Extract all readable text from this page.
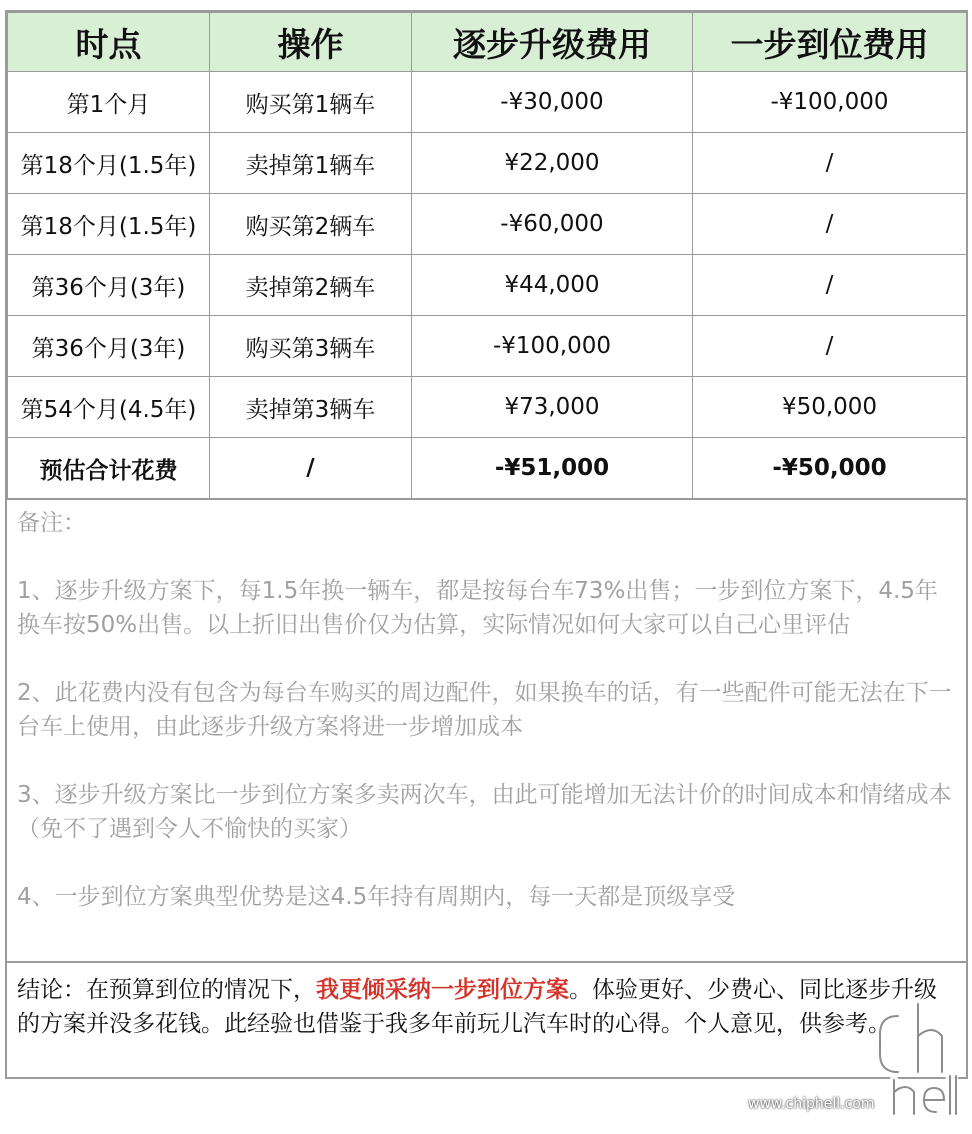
时点	操作	逐步升级费用	一步到位费用
第1个月	购买第1辆车	-¥30,000	-¥100,000
第18个月(1.5年)	卖掉第1辆车	¥22,000	/
第18个月(1.5年)	购买第2辆车	-¥60,000	/
第36个月(3年)	卖掉第2辆车	¥44,000	/
第36个月(3年)	购买第3辆车	-¥100,000	/
第54个月(4.5年)	卖掉第3辆车	¥73,000	¥50,000
预估合计花费	/	-¥51,000	-¥50,000

备注：

1、逐步升级方案下，每1.5年换一辆车，都是按每台车73%出售；一步到位方案下，4.5年换车按50%出售。以上折旧出售价仅为估算，实际情况如何大家可以自己心里评估

2、此花费内没有包含为每台车购买的周边配件，如果换车的话，有一些配件可能无法在下一台车上使用，由此逐步升级方案将进一步增加成本

3、逐步升级方案比一步到位方案多卖两次车，由此可能增加无法计价的时间成本和情绪成本（免不了遇到令人不愉快的买家）

4、一步到位方案典型优势是这4.5年持有周期内，每一天都是顶级享受

结论：在预算到位的情况下，我更倾采纳一步到位方案。体验更好、少费心、同比逐步升级的方案并没多花钱。此经验也借鉴于我多年前玩儿汽车时的心得。个人意见，供参考。
www.chiphell.com
